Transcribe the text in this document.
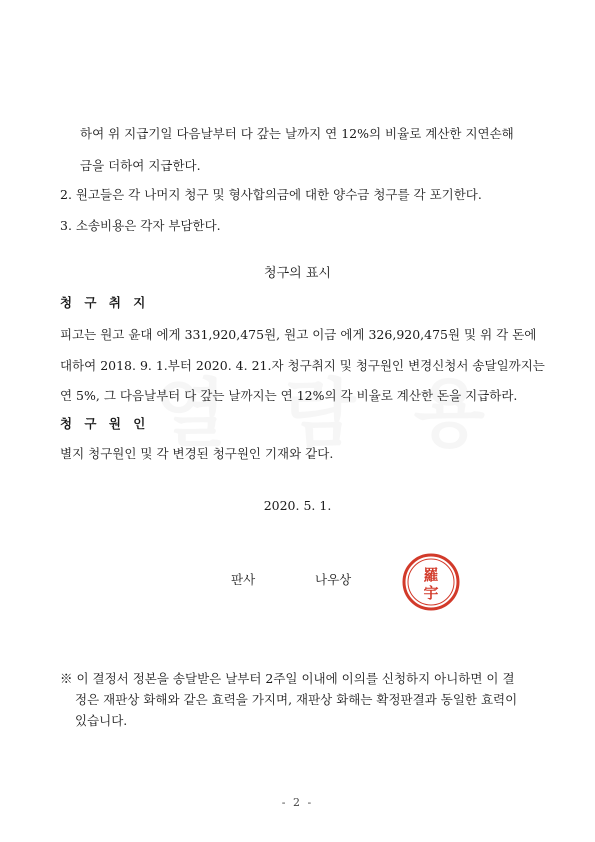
하여 위 지급기일 다음날부터 다 갚는 날까지 연 12%의 비율로 계산한 지연손해
금을 더하여 지급한다.
2. 원고들은 각 나머지 청구 및 형사합의금에 대한 양수금 청구를 각 포기한다.
3. 소송비용은 각자 부담한다.
청구의 표시
청 구 취 지
피고는 원고 윤대 에게 331,920,475원, 원고 이금 에게 326,920,475원 및 위 각 돈에
대하여 2018. 9. 1.부터 2020. 4. 21.자 청구취지 및 청구원인 변경신청서 송달일까지는
연 5%, 그 다음날부터 다 갚는 날까지는 연 12%의 각 비율로 계산한 돈을 지급하라.
청 구 원 인
별지 청구원인 및 각 변경된 청구원인 기재와 같다.
2020. 5. 1.
판사	나우상	羅
宇
※ 이 결정서 정본을 송달받은 날부터 2주일 이내에 이의를 신청하지 아니하면 이 결
정은 재판상 화해와 같은 효력을 가지며, 재판상 화해는 확정판결과 동일한 효력이
있습니다.
- 2 -
